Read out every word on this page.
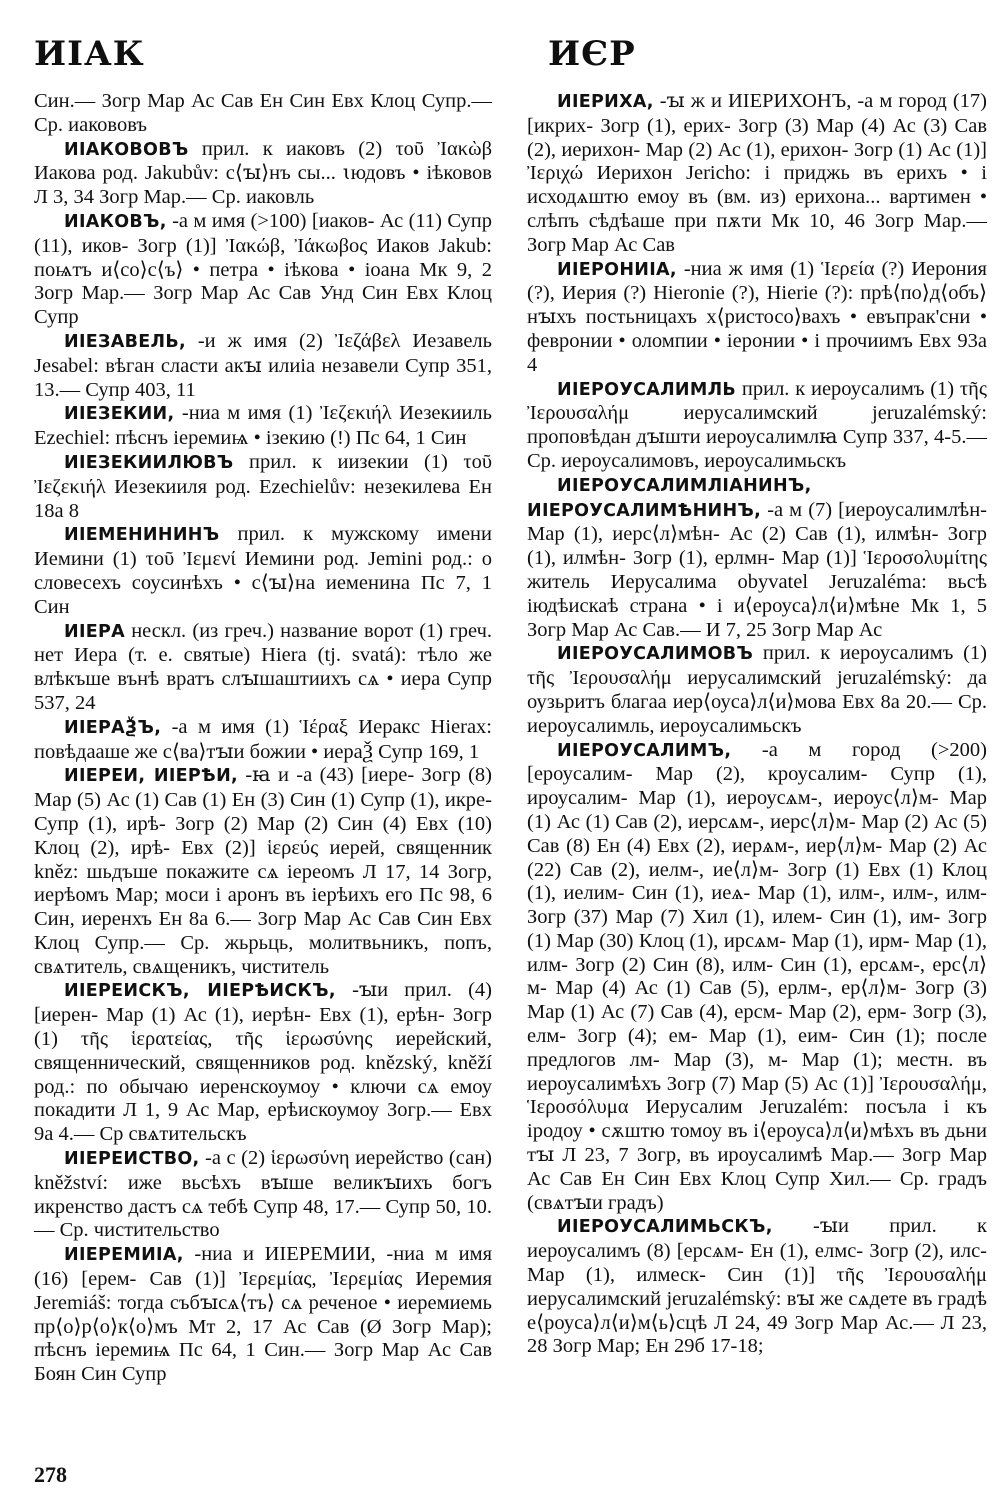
ИІАК	ИЄР

Син.— Зогр Мар Ас Сав Ен Син Евх Клоц Супр.— Ср. иакововъ

ИІАКОВОВЪ прил. к иаковъ (2) τοῦ Ἰακὼβ Иакова род. Jakubův: с⟨ꙑ⟩нъ сы... ꙇюдовъ • іѣковов Л 3, 34 Зогр Мар.— Ср. иаковль

ИІАКОВЪ, -а м имя (>100) [иаков- Ас (11) Супр (11), иков- Зогр (1)] Ἰακώβ, Ἰάκωβος Иаков Jakub: поѩтъ и⟨со⟩с⟨ъ⟩ • петра • іѣкова • іоана Мк 9, 2 Зогр Мар.— Зогр Мар Ас Сав Унд Син Евх Клоц Супр

ИІЕЗАВЕЛЬ, -и ж имя (2) Ἰεζάβελ Иезавель Jesabel: вѣган сласти акꙑ илиіа незавели Супр 351, 13.— Супр 403, 11

ИІЕЗЕКИИ, -ниа м имя (1) Ἰεζεκιήλ Иезекииль Ezechiel: пѣснъ іеремиѩ • ізекию (!) Пс 64, 1 Син

ИІЕЗЕКИИЛЮВЪ прил. к иизекии (1) τοῦ Ἰεζεκιήλ Иезекииля род. Ezechielův: незекилева Ен 18а 8

ИІЕМЕНИНИНЪ прил. к мужскому имени Иемини (1) τοῦ Ἰεμενί Иемини род. Jemini род.: о словесехъ соусинѣхъ • с⟨ꙑ⟩на иеменина Пс 7, 1 Син

ИІЕРА нескл. (из греч.) название ворот (1) греч. нет Иера (т. е. святые) Hiera (tj. svatá): тѣло же влѣкъше вънѣ вратъ слꙑшаштиихъ сѧ • иера Супр 537, 24

ИІЕРАѮЪ, -а м имя (1) Ἱέραξ Иеракс Hierax: повѣдааше же с⟨ва⟩тꙑи божии • иераѮ Супр 169, 1

ИІЕРЕИ, ИІЕРѢИ, -ꙗ и -а (43) [иере- Зогр (8) Мар (5) Ас (1) Сав (1) Ен (3) Син (1) Супр (1), икре- Супр (1), ирѣ- Зогр (2) Мар (2) Син (4) Евх (10) Клоц (2), ирѣ- Евх (2)] ἱερεύς иерей, священник kněz: шьдъше покажите сѧ іереомъ Л 17, 14 Зогр, иерѣомъ Мар; моси і аронъ въ іерѣихъ его Пс 98, 6 Син, иеренхъ Ен 8а 6.— Зогр Мар Ас Сав Син Евх Клоц Супр.— Ср. жьрьць, молитвьникъ, попъ, свѧтитель, свѧщеникъ, чиститель

ИІЕРЕИСКЪ, ИІЕРѢИСКЪ, -ꙑи прил. (4) [иерен- Мар (1) Ас (1), иерѣн- Евх (1), ерѣн- Зогр (1) τῆς ἱερατείας, τῆς ἱερωσύνης иерейский, священнический, священников род. knězský, kněží род.: по обычаю иеренскоумоу • ключи сѧ емоу покадити Л 1, 9 Ас Мар, ерѣискоумоу Зогр.— Евх 9а 4.— Ср свѧтительскъ

ИІЕРЕИСТВО, -а с (2) ἱερωσύνη иерейство (сан) kněžství: иже вьсѣхъ вꙑше великꙑихъ богъ икренство дастъ сѧ тебѣ Супр 48, 17.— Супр 50, 10.— Ср. чистительство

ИІЕРЕМИІА, -ниа и ИІЕРЕМИИ, -ниа м имя (16) [ерем- Сав (1)] Ἰερεμίας, Ἰερεμίας Иеремия Jeremiáš: тогда събꙑсѧ⟨тъ⟩ сѧ реченое • иеремиемь пр⟨о⟩р⟨о⟩к⟨о⟩мъ Мт 2, 17 Ас Сав (Ø Зогр Мар); пѣснъ іеремиѩ Пс 64, 1 Син.— Зогр Мар Ас Сав Боян Син Супр

ИІЕРИХА, -ꙑ ж и ИІЕРИХОНЪ, -а м город (17) [икрих- Зогр (1), ерих- Зогр (3) Мар (4) Ас (3) Сав (2), иерихон- Мар (2) Ас (1), ерихон- Зогр (1) Ас (1)] Ἰεριχώ Иерихон Jericho: і приджь въ ерихъ • і исходѧштю емоу въ (вм. из) ерихона... вартимен • слѣпъ сѣдѣаше при пѫти Мк 10, 46 Зогр Мар.— Зогр Мар Ас Сав

ИІЕРОНИІА, -ниа ж имя (1) Ἱερεία (?) Иерония (?), Иерия (?) Hieronie (?), Hierie (?): прѣ⟨по⟩д⟨объ⟩нꙑхъ постьницахъ х⟨ристосо⟩вахъ • евъпрак'сни • февронии • оломпии • іеронии • і прочиимъ Евх 93а 4

ИІЕРОУСАЛИМЛЬ прил. к иероусалимъ (1) τῆς Ἰερουσαλήμ иерусалимский jeruzalémský: проповѣдан дꙑшти иероусалимлꙗ Супр 337, 4-5.— Ср. иероусалимовъ, иероусалимьскъ

ИІЕРОУСАЛИМЛІАНИНЪ, ИІЕРОУСАЛИМѢНИНЪ, -а м (7) [иероусалимлѣн- Мар (1), иерс⟨л⟩мѣн- Ас (2) Сав (1), илмѣн- Зогр (1), илмѣн- Зогр (1), ерлмн- Мар (1)] Ἱεροσολυμίτης житель Иерусалима obyvatel Jeruzaléma: вьсѣ іюдѣискаѣ страна • і и⟨ероуса⟩л⟨и⟩мѣне Мк 1, 5 Зогр Мар Ас Сав.— И 7, 25 Зогр Мар Ас

ИІЕРОУСАЛИМОВЪ прил. к иероусалимъ (1) τῆς Ἰερουσαλήμ иерусалимский jeruzalémský: да оузьритъ благаа иер⟨оуса⟩л⟨и⟩мова Евх 8а 20.— Ср. иероусалимль, иероусалимьскъ

ИІЕРОУСАЛИМЪ, -а м город (>200) [ероусалим- Мар (2), кроусалим- Супр (1), ироусалим- Мар (1), иероусѧм-, иероус⟨л⟩м- Мар (1) Ас (1) Сав (2), иерсѧм-, иерс⟨л⟩м- Мар (2) Ас (5) Сав (8) Ен (4) Евх (2), иерѧм-, иер⟨л⟩м- Мар (2) Ас (22) Сав (2), иелм-, ие⟨л⟩м- Зогр (1) Евх (1) Клоц (1), иелим- Син (1), иеѧ- Мар (1), илм-, илм-, илм- Зогр (37) Мар (7) Хил (1), илем- Син (1), им- Зогр (1) Мар (30) Клоц (1), ирсѧм- Мар (1), ирм- Мар (1), илм- Зогр (2) Син (8), илм- Син (1), ерсѧм-, ерс⟨л⟩м- Мар (4) Ас (1) Сав (5), ерлм-, ер⟨л⟩м- Зогр (3) Мар (1) Ас (7) Сав (4), ерсм- Мар (2), ерм- Зогр (3), елм- Зогр (4); ем- Мар (1), еим- Син (1); после предлогов лм- Мар (3), м- Мар (1); местн. въ иероусалимѣхъ Зогр (7) Мар (5) Ас (1)] Ἰερουσαλήμ, Ἱεροσόλυμα Иерусалим Jeruzalém: посъла і къ іродоу • сѫштю томоу въ і⟨ероуса⟩л⟨и⟩мѣхъ въ дьни тꙑ Л 23, 7 Зогр, въ ироусалимѣ Мар.— Зогр Мар Ас Сав Ен Син Евх Клоц Супр Хил.— Ср. градъ (свѧтꙑи градъ)

ИІЕРОУСАЛИМЬСКЪ, -ꙑи прил. к иероусалимъ (8) [ерсѧм- Ен (1), елмс- Зогр (2), илс- Мар (1), илмеск- Син (1)] τῆς Ἰερουσαλήμ иерусалимский jeruzalémský: вꙑ же сѧдете въ градѣ е⟨роуса⟩л⟨и⟩м⟨ь⟩сцѣ Л 24, 49 Зогр Мар Ас.— Л 23, 28 Зогр Мар; Ен 29б 17-18;

278
